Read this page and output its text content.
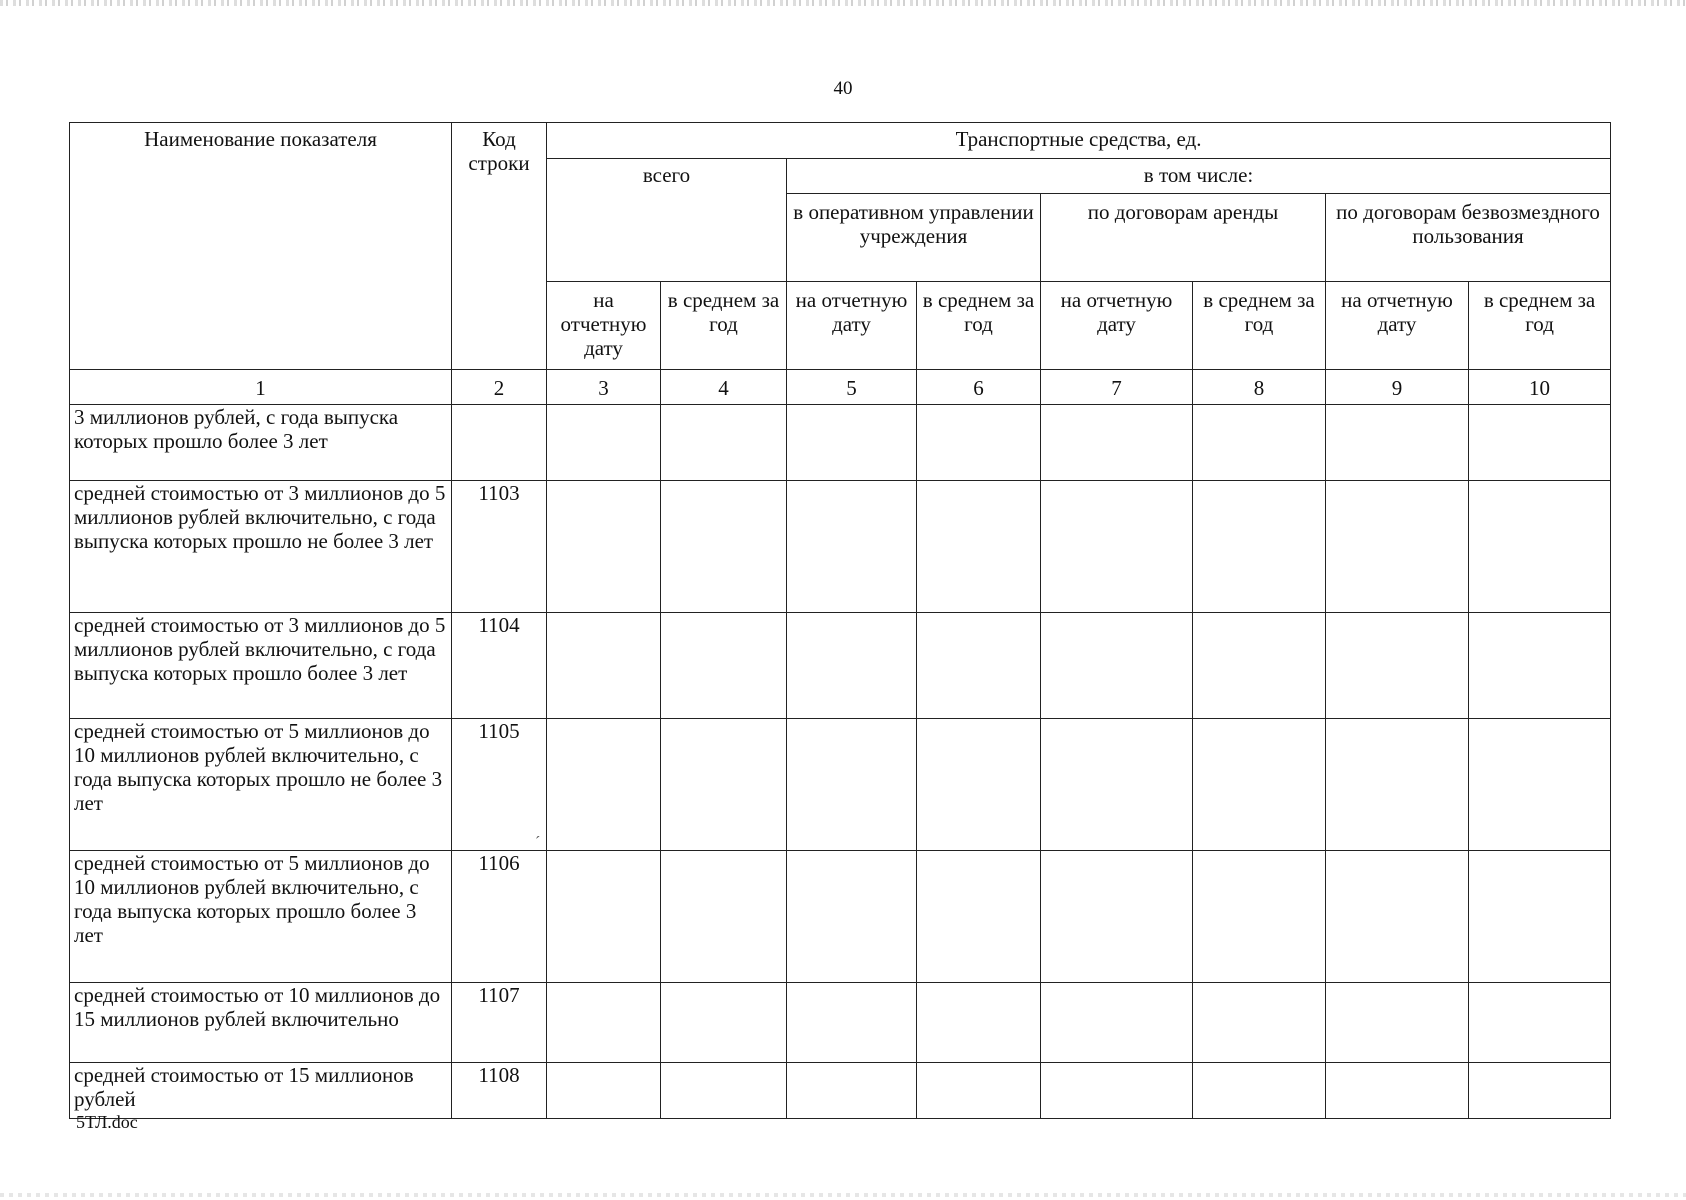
40
Наименование показателя	Код строки	Транспортные средства, ед.							
		всего		в том числе:					
				в оперативном управлении учреждения		по договорам аренды		по договорам безвозмездного пользования	
		на отчетную дату	в среднем за год	на отчетную дату	в среднем за год	на отчетную дату	в среднем за год	на отчетную дату	в среднем за год
1	2	3	4	5	6	7	8	9	10
3 миллионов рублей, с года выпуска которых прошло более 3 лет									
средней стоимостью от 3 миллионов до 5 миллионов рублей включительно, с года выпуска которых прошло не более 3 лет	1103								
средней стоимостью от 3 миллионов до 5 миллионов рублей включительно, с года выпуска которых прошло более 3 лет	1104								
средней стоимостью от 5 миллионов до 10 миллионов рублей включительно, с года выпуска которых прошло не более 3 лет	1105								
средней стоимостью от 5 миллионов до 10 миллионов рублей включительно, с года выпуска которых прошло более 3 лет	1106								
средней стоимостью от 10 миллионов до 15 миллионов рублей включительно	1107								
средней стоимостью от 15 миллионов рублей	1108								
´
5ТЛ.doc
